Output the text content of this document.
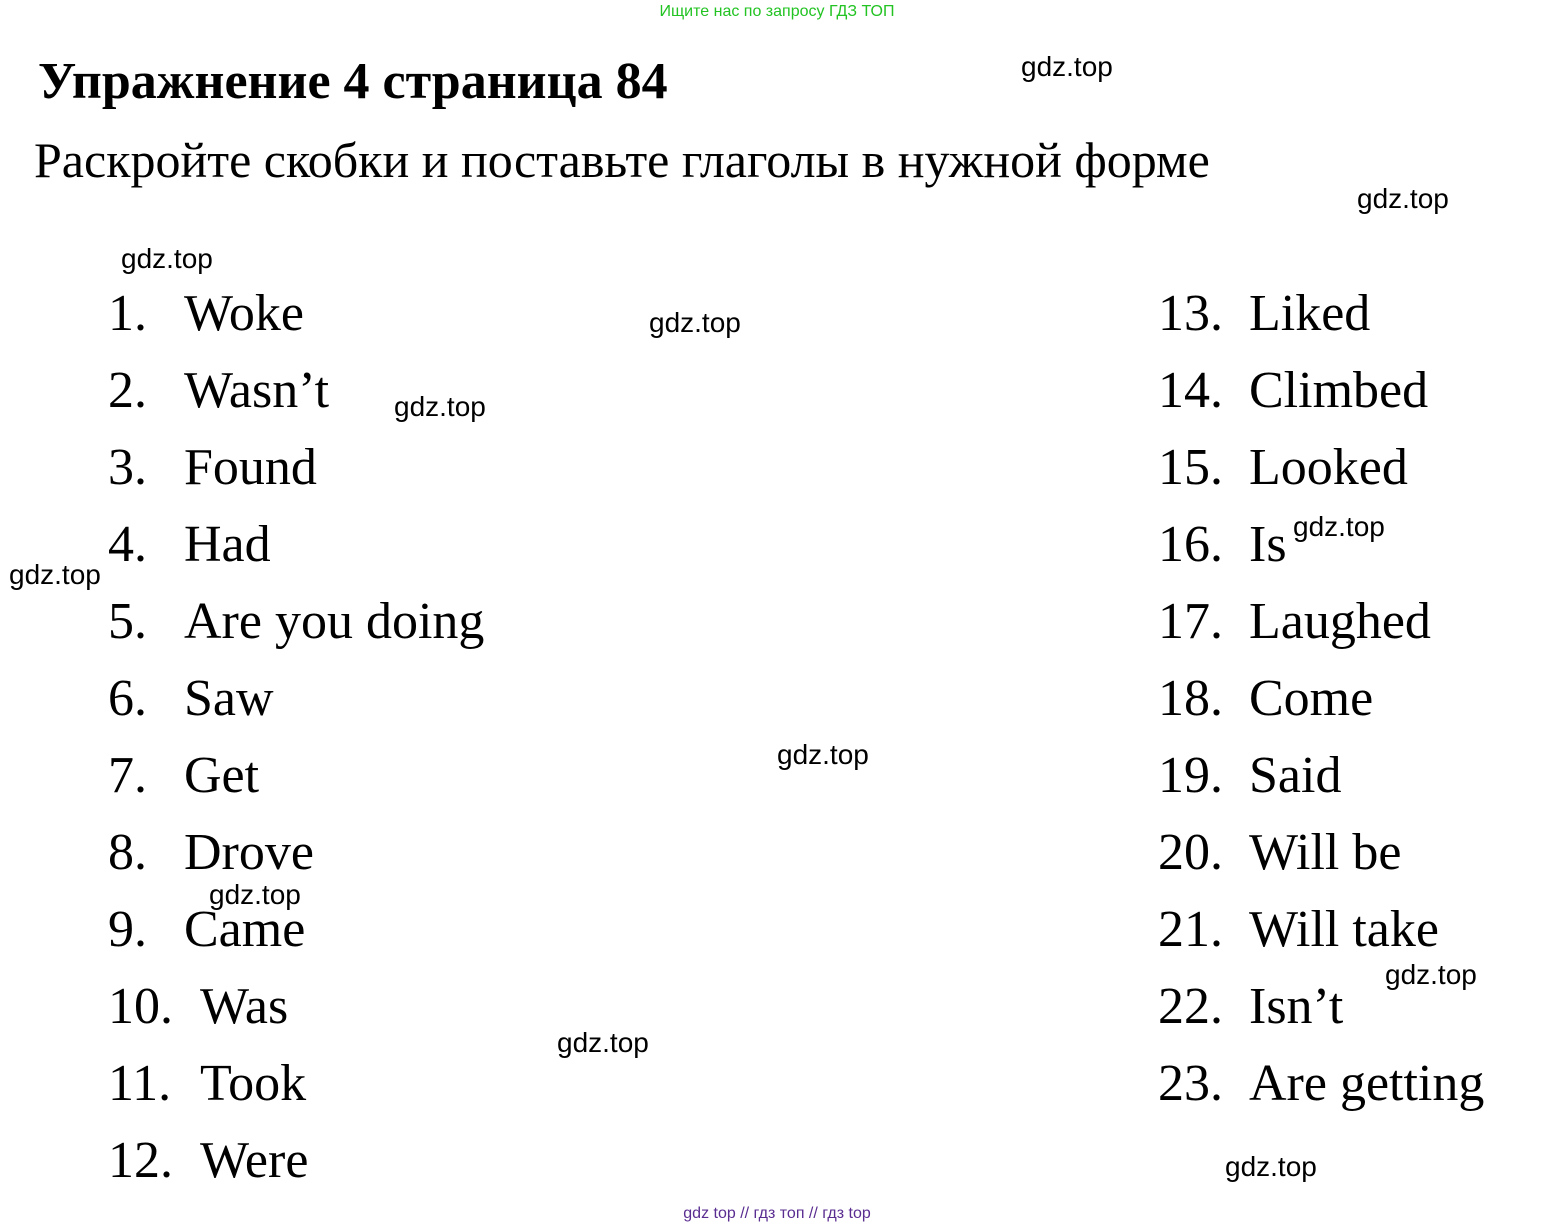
Ищите нас по запросу ГДЗ ТОП
Упражнение 4 страница 84
Раскройте скобки и поставьте глаголы в нужной форме
1. Woke
2. Wasn’t
3. Found
4. Had
5. Are you doing
6. Saw
7. Get
8. Drove
9. Came
10. Was
11. Took
12. Were
13. Liked
14. Climbed
15. Looked
16. Is
17. Laughed
18. Come
19. Said
20. Will be
21. Will take
22. Isn’t
23. Are getting
gdz.top
gdz.top
gdz.top
gdz.top
gdz.top
gdz.top
gdz.top
gdz.top
gdz.top
gdz.top
gdz.top
gdz.top
gdz top // гдз топ // гдз top
